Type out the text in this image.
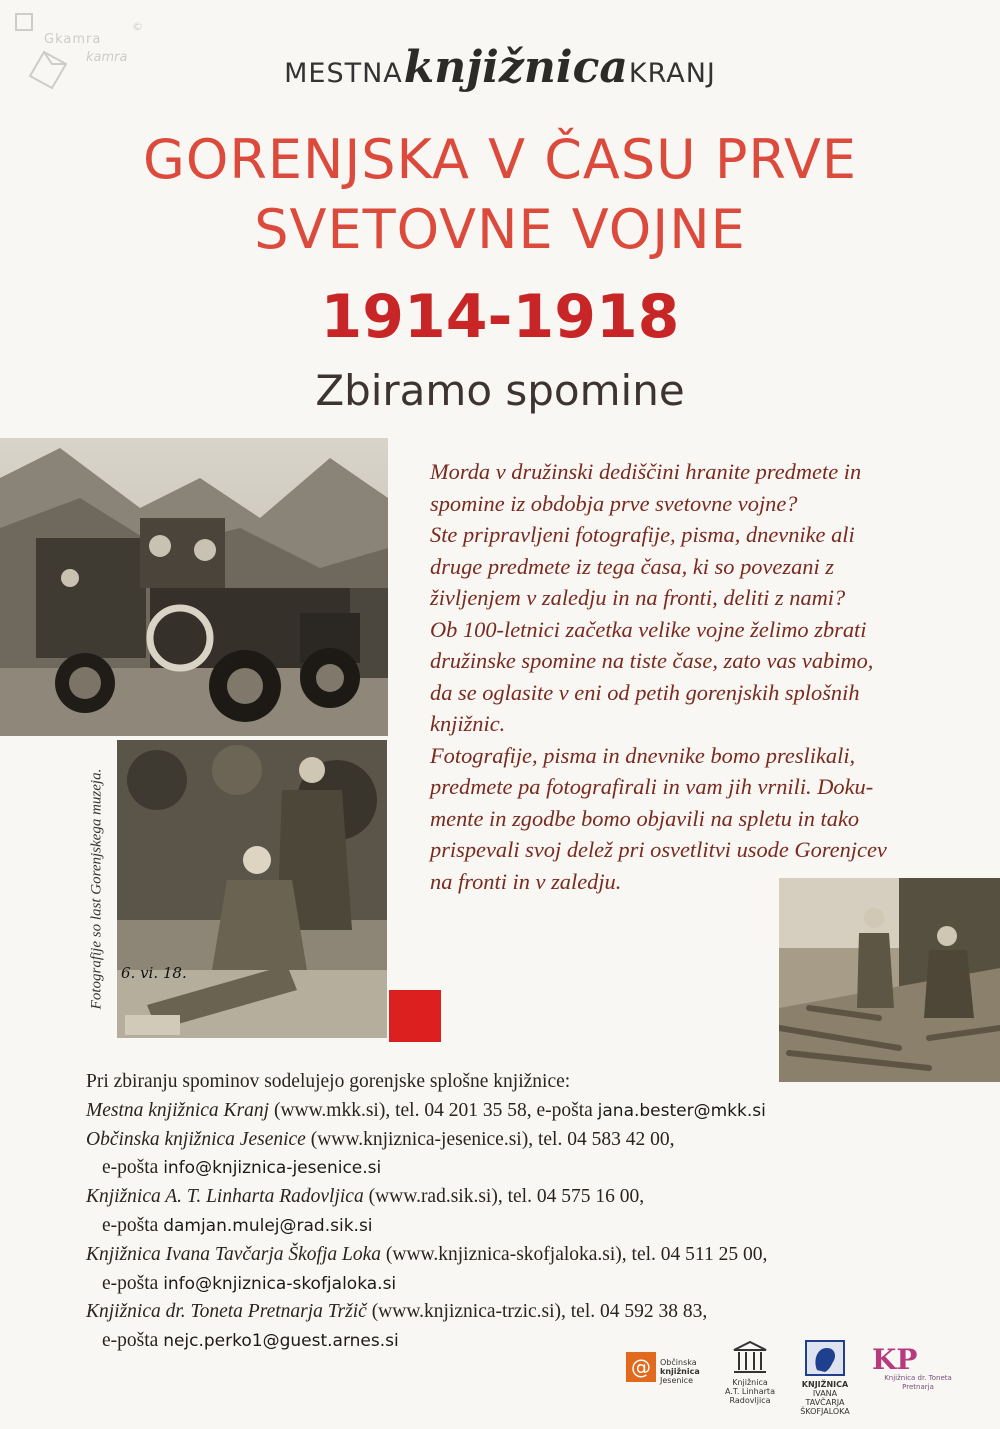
Gkamra
kamra
©
MESTNAknjižnicaKRANJ
GORENJSKA V ČASU PRVE
SVETOVNE VOJNE
1914-1918
Zbiramo spomine
Fotografije so last Gorenjskega muzeja. 6. vi. 18.

Morda v družinski dediščini hranite predmete in

spomine iz obdobja prve svetovne vojne?

Ste pripravljeni fotografije, pisma, dnevnike ali

druge predmete iz tega časa, ki so povezani z

življenjem v zaledju in na fronti, deliti z nami?

Ob 100-letnici začetka velike vojne želimo zbrati

družinske spomine na tiste čase, zato vas vabimo,

da se oglasite v eni od petih gorenjskih splošnih

knjižnic.

Fotografije, pisma in dnevnike bomo preslikali,

predmete pa fotografirali in vam jih vrnili. Doku-

mente in zgodbe bomo objavili na spletu in tako

prispevali svoj delež pri osvetlitvi usode Gorenjcev

na fronti in v zaledju.

Pri zbiranju spominov sodelujejo gorenjske splošne knjižnice:
Mestna knjižnica Kranj (www.mkk.si), tel. 04 201 35 58, e-pošta jana.bester@mkk.si
Občinska knjižnica Jesenice (www.knjiznica-jesenice.si), tel. 04 583 42 00,
e-pošta info@knjiznica-jesenice.si
Knjižnica A. T. Linharta Radovljica (www.rad.sik.si), tel. 04 575 16 00,
e-pošta damjan.mulej@rad.sik.si
Knjižnica Ivana Tavčarja Škofja Loka (www.knjiznica-skofjaloka.si), tel. 04 511 25 00,
e-pošta info@knjiznica-skofjaloka.si
Knjižnica dr. Toneta Pretnarja Tržič (www.knjiznica-trzic.si), tel. 04 592 38 83,
e-pošta nejc.perko1@guest.arnes.si
@	Občinska
knjižnica
Jesenice	Knjižnica
A.T. Linharta
Radovljica
KNJIŽNICA
IVANA TAVČARJA
ŠKOFJALOKA
KP
Knjižnica dr. Toneta Pretnarja
